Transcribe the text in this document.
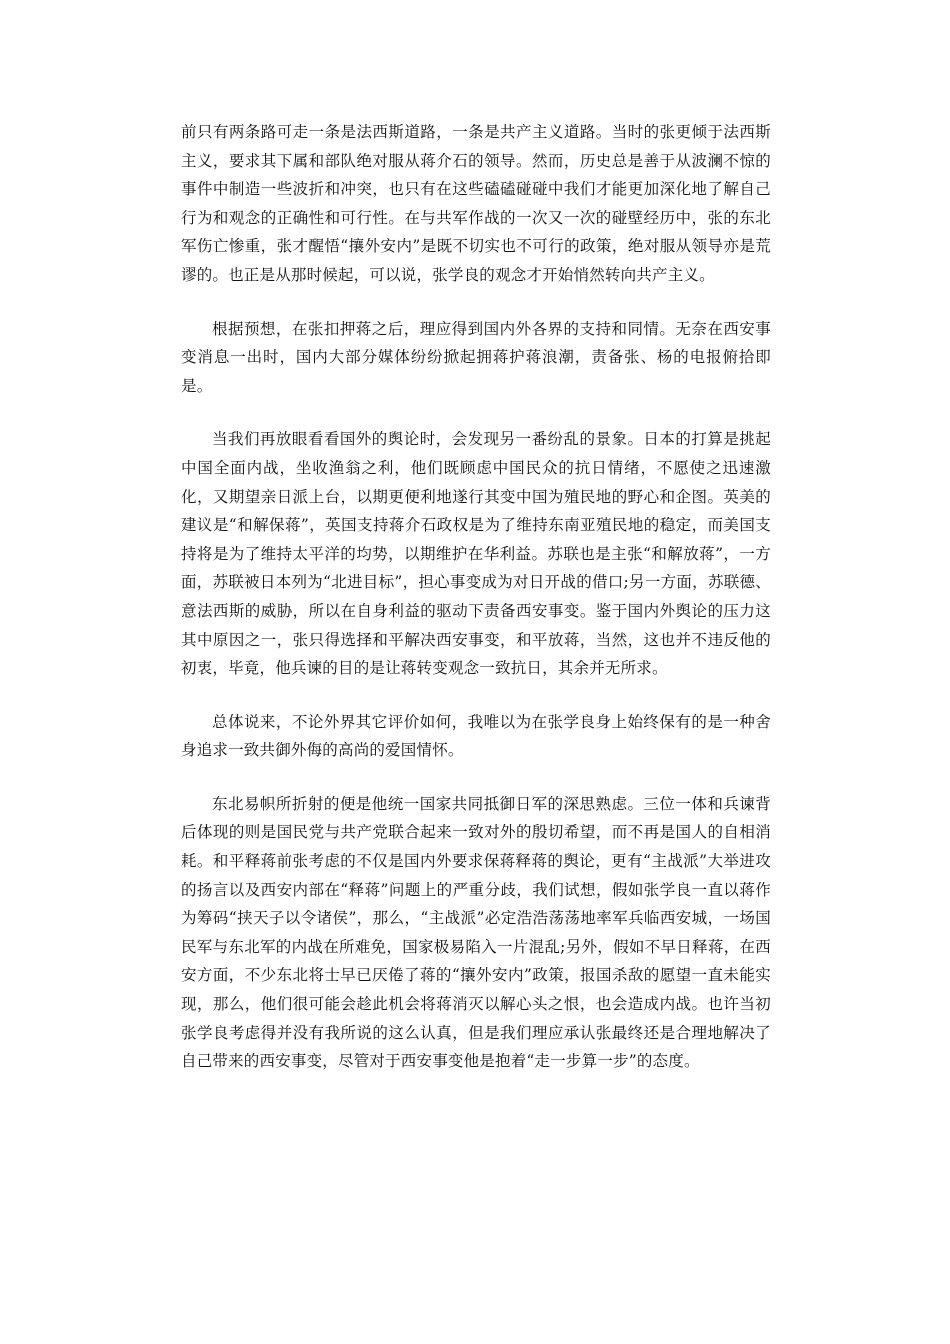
前只有两条路可走一条是法西斯道路，一条是共产主义道路。当时的张更倾于法西斯主义，要求其下属和部队绝对服从蒋介石的领导。然而，历史总是善于从波澜不惊的事件中制造一些波折和冲突，也只有在这些磕磕碰碰中我们才能更加深化地了解自己行为和观念的正确性和可行性。在与共军作战的一次又一次的碰壁经历中，张的东北军伤亡惨重，张才醒悟“攘外安内”是既不切实也不可行的政策，绝对服从领导亦是荒谬的。也正是从那时候起，可以说，张学良的观念才开始悄然转向共产主义。

根据预想，在张扣押蒋之后，理应得到国内外各界的支持和同情。无奈在西安事变消息一出时，国内大部分媒体纷纷掀起拥蒋护蒋浪潮，责备张、杨的电报俯拾即是。

当我们再放眼看看国外的舆论时，会发现另一番纷乱的景象。日本的打算是挑起中国全面内战，坐收渔翁之利，他们既顾虑中国民众的抗日情绪，不愿使之迅速激化，又期望亲日派上台，以期更便利地遂行其变中国为殖民地的野心和企图。英美的建议是“和解保蒋”，英国支持蒋介石政权是为了维持东南亚殖民地的稳定，而美国支持将是为了维持太平洋的均势，以期维护在华利益。苏联也是主张“和解放蒋”，一方面，苏联被日本列为“北进目标”，担心事变成为对日开战的借口;另一方面，苏联德、意法西斯的威胁，所以在自身利益的驱动下责备西安事变。鉴于国内外舆论的压力这其中原因之一，张只得选择和平解决西安事变，和平放蒋，当然，这也并不违反他的初衷，毕竟，他兵谏的目的是让蒋转变观念一致抗日，其余并无所求。

总体说来，不论外界其它评价如何，我唯以为在张学良身上始终保有的是一种舍身追求一致共御外侮的高尚的爱国情怀。

东北易帜所折射的便是他统一国家共同抵御日军的深思熟虑。三位一体和兵谏背后体现的则是国民党与共产党联合起来一致对外的殷切希望，而不再是国人的自相消耗。和平释蒋前张考虑的不仅是国内外要求保蒋释蒋的舆论，更有“主战派”大举进攻的扬言以及西安内部在“释蒋”问题上的严重分歧，我们试想，假如张学良一直以蒋作为筹码“挟天子以令诸侯”，那么，“主战派”必定浩浩荡荡地率军兵临西安城，一场国民军与东北军的内战在所难免，国家极易陷入一片混乱;另外，假如不早日释蒋，在西安方面，不少东北将士早已厌倦了蒋的“攘外安内”政策，报国杀敌的愿望一直未能实现，那么，他们很可能会趁此机会将蒋消灭以解心头之恨，也会造成内战。也许当初张学良考虑得并没有我所说的这么认真，但是我们理应承认张最终还是合理地解决了自己带来的西安事变，尽管对于西安事变他是抱着“走一步算一步”的态度。
